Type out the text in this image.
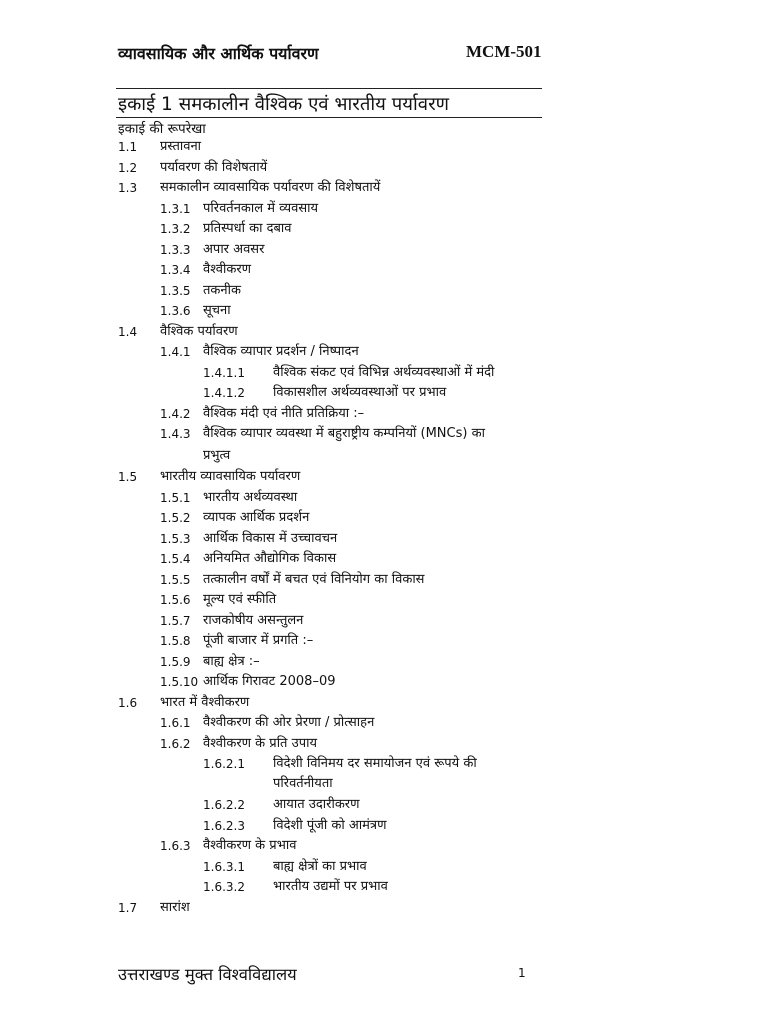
व्यावसायिक और आर्थिक पर्यावरण	MCM-501
इकाई 1 समकालीन वैश्विक एवं भारतीय पर्यावरण
इकाई की रूपरेखा
1.1 प्रस्तावना
1.2 पर्यावरण की विशेषतायें
1.3 समकालीन व्यावसायिक पर्यावरण की विशेषतायें
1.3.1 परिवर्तनकाल में व्यवसाय
1.3.2 प्रतिस्पर्धा का दबाव
1.3.3 अपार अवसर
1.3.4 वैश्वीकरण
1.3.5 तकनीक
1.3.6 सूचना
1.4 वैश्विक पर्यावरण
1.4.1 वैश्विक व्यापार प्रदर्शन / निष्पादन
1.4.1.1 वैश्विक संकट एवं विभिन्न अर्थव्यवस्थाओं में मंदी
1.4.1.2 विकासशील अर्थव्यवस्थाओं पर प्रभाव
1.4.2 वैश्विक मंदी एवं नीति प्रतिक्रिया :–
1.4.3 वैश्विक व्यापार व्यवस्था में बहुराष्ट्रीय कम्पनियों (MNCs) का
प्रभुत्व
1.5 भारतीय व्यावसायिक पर्यावरण
1.5.1 भारतीय अर्थव्यवस्था
1.5.2 व्यापक आर्थिक प्रदर्शन
1.5.3 आर्थिक विकास में उच्चावचन
1.5.4 अनियमित औद्योगिक विकास
1.5.5 तत्कालीन वर्षों में बचत एवं विनियोग का विकास
1.5.6 मूल्य एवं स्फीति
1.5.7 राजकोषीय असन्तुलन
1.5.8 पूंजी बाजार में प्रगति :–
1.5.9 बाह्य क्षेत्र :–
1.5.10 आर्थिक गिरावट 2008–09
1.6 भारत में वैश्वीकरण
1.6.1 वैश्वीकरण की ओर प्रेरणा / प्रोत्साहन
1.6.2 वैश्वीकरण के प्रति उपाय
1.6.2.1 विदेशी विनिमय दर समायोजन एवं रूपये की
परिवर्तनीयता
1.6.2.2 आयात उदारीकरण
1.6.2.3 विदेशी पूंजी को आमंत्रण
1.6.3 वैश्वीकरण के प्रभाव
1.6.3.1 बाह्य क्षेत्रों का प्रभाव
1.6.3.2 भारतीय उद्यमों पर प्रभाव
1.7 सारांश
उत्तराखण्ड मुक्त विश्वविद्यालय	1
